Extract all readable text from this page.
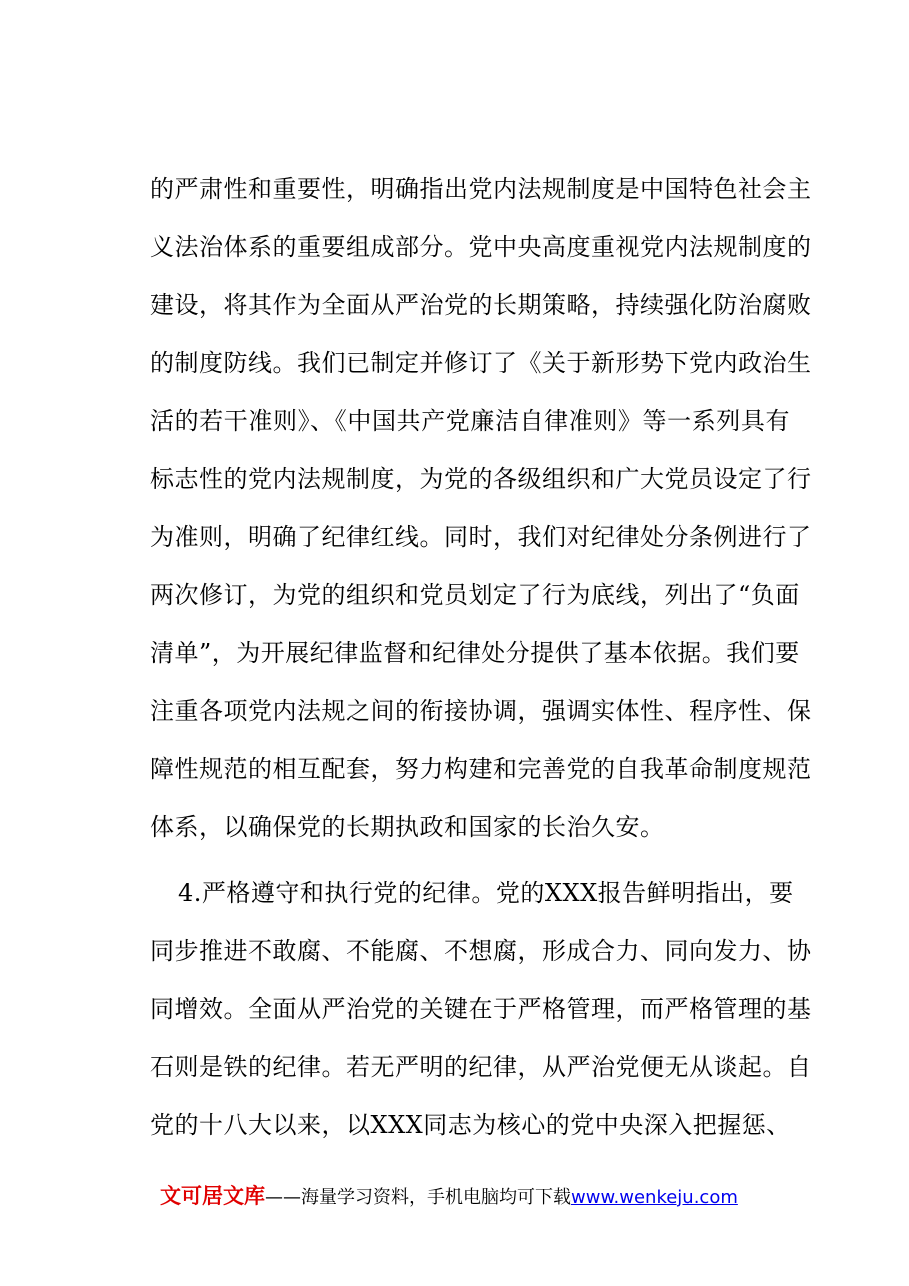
的严肃性和重要性，明确指出党内法规制度是中国特色社会主
义法治体系的重要组成部分。党中央高度重视党内法规制度的
建设，将其作为全面从严治党的长期策略，持续强化防治腐败
的制度防线。我们已制定并修订了《关于新形势下党内政治生
活的若干准则》、《中国共产党廉洁自律准则》等一系列具有
标志性的党内法规制度，为党的各级组织和广大党员设定了行
为准则，明确了纪律红线。同时，我们对纪律处分条例进行了
两次修订，为党的组织和党员划定了行为底线，列出了“负面
清单”，为开展纪律监督和纪律处分提供了基本依据。我们要
注重各项党内法规之间的衔接协调，强调实体性、程序性、保
障性规范的相互配套，努力构建和完善党的自我革命制度规范
体系，以确保党的长期执政和国家的长治久安。
4.严格遵守和执行党的纪律。党的XXX报告鲜明指出，要
同步推进不敢腐、不能腐、不想腐，形成合力、同向发力、协
同增效。全面从严治党的关键在于严格管理，而严格管理的基
石则是铁的纪律。若无严明的纪律，从严治党便无从谈起。自
党的十八大以来，以XXX同志为核心的党中央深入把握惩、
文可居文库——海量学习资料，手机电脑均可下载www.wenkeju.com
